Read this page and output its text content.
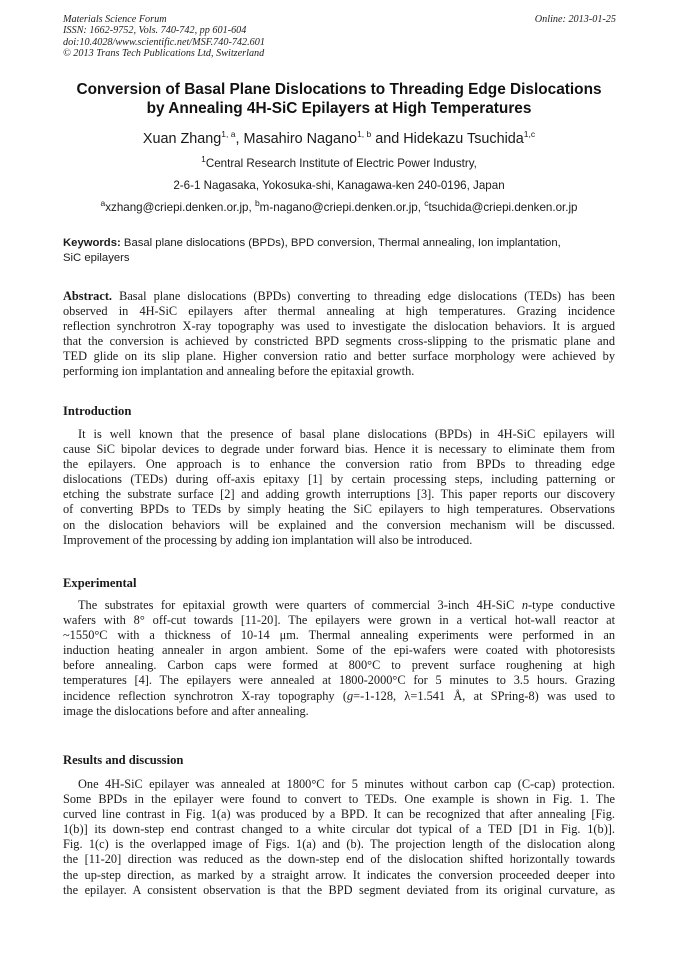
Materials Science Forum
ISSN: 1662-9752, Vols. 740-742, pp 601-604
doi:10.4028/www.scientific.net/MSF.740-742.601
© 2013 Trans Tech Publications Ltd, Switzerland
Online: 2013-01-25
Conversion of Basal Plane Dislocations to Threading Edge Dislocations
by Annealing 4H-SiC Epilayers at High Temperatures
Xuan Zhang$^{1, a}$, Masahiro Nagano$^{1, b}$ and Hidekazu Tsuchida$^{1,c}$
$^1$Central Research Institute of Electric Power Industry,
2-6-1 Nagasaka, Yokosuka-shi, Kanagawa-ken 240-0196, Japan
$^a$xzhang@criepi.denken.or.jp, $^b$m-nagano@criepi.denken.or.jp, $^c$tsuchida@criepi.denken.or.jp
Keywords: Basal plane dislocations (BPDs), BPD conversion, Thermal annealing, Ion implantation,
SiC epilayers
Abstract. Basal plane dislocations (BPDs) converting to threading edge dislocations (TEDs) has been
observed in 4H-SiC epilayers after thermal annealing at high temperatures. Grazing incidence
reflection synchrotron X-ray topography was used to investigate the dislocation behaviors. It is argued
that the conversion is achieved by constricted BPD segments cross-slipping to the prismatic plane and
TED glide on its slip plane. Higher conversion ratio and better surface morphology were achieved by
performing ion implantation and annealing before the epitaxial growth.
Introduction
It is well known that the presence of basal plane dislocations (BPDs) in 4H-SiC epilayers will
cause SiC bipolar devices to degrade under forward bias. Hence it is necessary to eliminate them from
the epilayers. One approach is to enhance the conversion ratio from BPDs to threading edge
dislocations (TEDs) during off-axis epitaxy [1] by certain processing steps, including patterning or
etching the substrate surface [2] and adding growth interruptions [3]. This paper reports our discovery
of converting BPDs to TEDs by simply heating the SiC epilayers to high temperatures. Observations
on the dislocation behaviors will be explained and the conversion mechanism will be discussed.
Improvement of the processing by adding ion implantation will also be introduced.
Experimental
The substrates for epitaxial growth were quarters of commercial 3-inch 4H-SiC n-type conductive
wafers with 8° off-cut towards [11-20]. The epilayers were grown in a vertical hot-wall reactor at
~1550°C with a thickness of 10-14 μm. Thermal annealing experiments were performed in an
induction heating annealer in argon ambient. Some of the epi-wafers were coated with photoresists
before annealing. Carbon caps were formed at 800°C to prevent surface roughening at high
temperatures [4]. The epilayers were annealed at 1800-2000°C for 5 minutes to 3.5 hours. Grazing
incidence reflection synchrotron X-ray topography (g=-1-128, λ=1.541 Å, at SPring-8) was used to
image the dislocations before and after annealing.
Results and discussion
One 4H-SiC epilayer was annealed at 1800°C for 5 minutes without carbon cap (C-cap) protection.
Some BPDs in the epilayer were found to convert to TEDs. One example is shown in Fig. 1. The
curved line contrast in Fig. 1(a) was produced by a BPD. It can be recognized that after annealing [Fig.
1(b)] its down-step end contrast changed to a white circular dot typical of a TED [D1 in Fig. 1(b)].
Fig. 1(c) is the overlapped image of Figs. 1(a) and (b). The projection length of the dislocation along
the [11-20] direction was reduced as the down-step end of the dislocation shifted horizontally towards
the up-step direction, as marked by a straight arrow. It indicates the conversion proceeded deeper into
the epilayer. A consistent observation is that the BPD segment deviated from its original curvature, as
